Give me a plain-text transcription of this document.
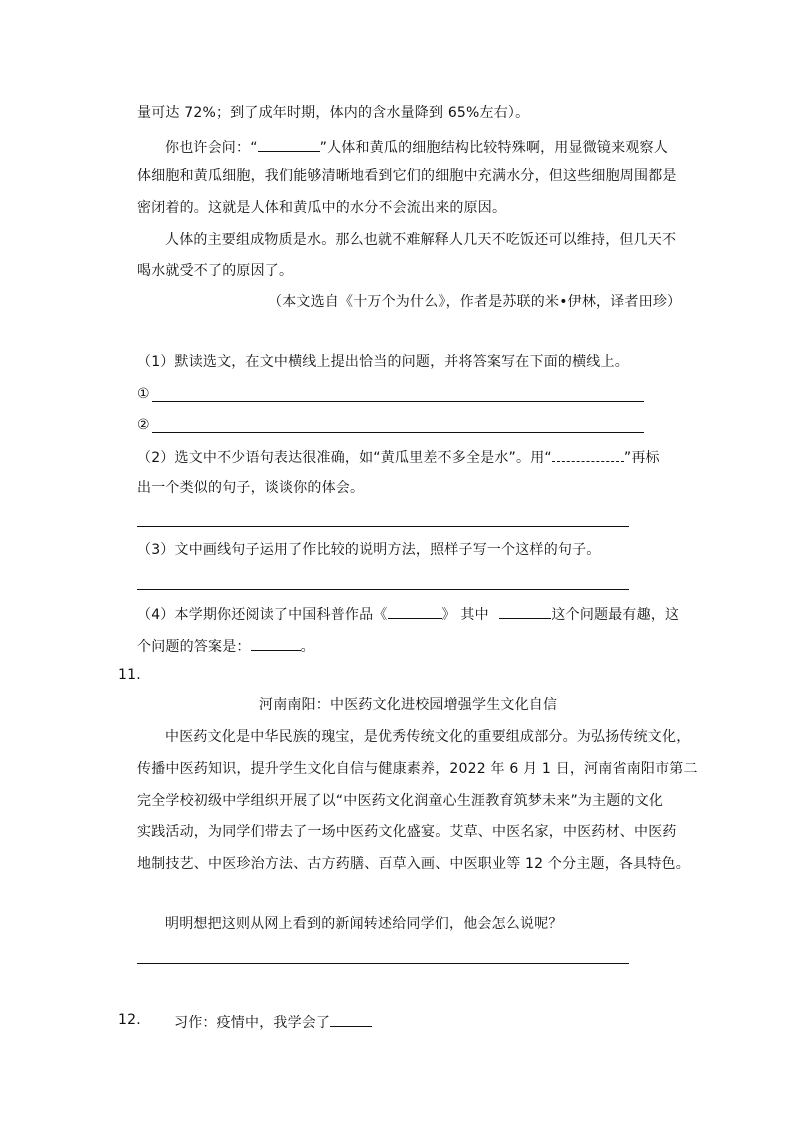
量可达 72%；到了成年时期，体内的含水量降到 65%左右）。
你也许会问：“	”人体和黄瓜的细胞结构比较特殊啊，用显微镜来观察人
体细胞和黄瓜细胞，我们能够清晰地看到它们的细胞中充满水分，但这些细胞周围都是
密闭着的。这就是人体和黄瓜中的水分不会流出来的原因。
人体的主要组成物质是水。那么也就不难解释人几天不吃饭还可以维持，但几天不
喝水就受不了的原因了。
（本文选自《十万个为什么》，作者是苏联的米•伊林，译者田珍）
（1）默读选文，在文中横线上提出恰当的问题，并将答案写在下面的横线上。
①
②
（2）选文中不少语句表达很准确，如“黄瓜里差不多全是水”。用“	”再标
出一个类似的句子，谈谈你的体会。
（3）文中画线句子运用了作比较的说明方法，照样子写一个这样的句子。
（4）本学期你还阅读了中国科普作品《	》 其中	这个问题最有趣，这
个问题的答案是：	。
11.
河南南阳：中医药文化进校园增强学生文化自信
中医药文化是中华民族的瑰宝，是优秀传统文化的重要组成部分。为弘扬传统文化，
传播中医药知识，提升学生文化自信与健康素养，2022 年 6 月 1 日，河南省南阳市第二
完全学校初级中学组织开展了以“中医药文化润童心生涯教育筑梦未来”为主题的文化
实践活动，为同学们带去了一场中医药文化盛宴。艾草、中医名家，中医药材、中医药
地制技艺、中医珍治方法、古方药膳、百草入画、中医职业等 12 个分主题，各具特色。
明明想把这则从网上看到的新闻转述给同学们，他会怎么说呢？
12. 习作：疫情中，我学会了
